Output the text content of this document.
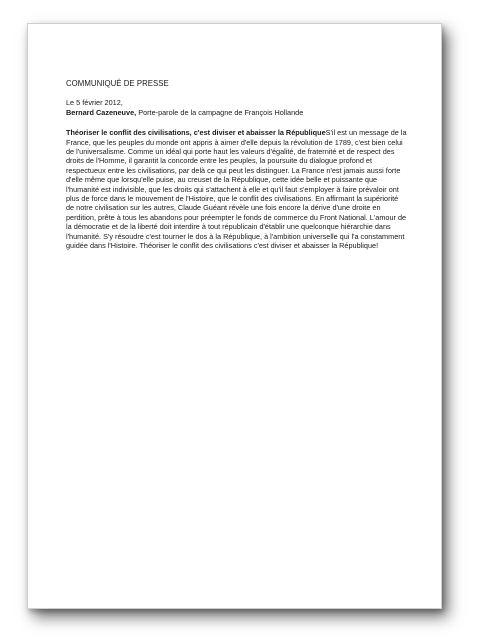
COMMUNIQUÉ DE PRESSE

Le 5 février 2012,

Bernard Cazeneuve, Porte-parole de la campagne de François Hollande

Théoriser le conflit des civilisations, c'est diviser et abaisser la RépubliqueS'il est un message de la France, que les peuples du monde ont appris à aimer d'elle depuis la révolution de 1789, c'est bien celui de l'universalisme. Comme un idéal qui porte haut les valeurs d'égalité, de fraternité et de respect des droits de l'Homme, il garantit la concorde entre les peuples, la poursuite du dialogue profond et respectueux entre les civilisations, par delà ce qui peut les distinguer. La France n'est jamais aussi forte d'elle même que lorsqu'elle puise, au creuset de la République, cette idée belle et puissante que l'humanité est indivisible, que les droits qui s'attachent à elle et qu'il faut s'employer à faire prévaloir ont plus de force dans le mouvement de l'Histoire, que le conflit des civilisations. En affirmant la supériorité de notre civilisation sur les autres, Claude Guéant révèle une fois encore la dérive d'une droite en perdition, prête à tous les abandons pour préempter le fonds de commerce du Front National. L'amour de la démocratie et de la liberté doit interdire à tout républicain d'établir une quelconque hiérarchie dans l'humanité. S'y résoudre c'est tourner le dos à la République, à l'ambition universelle qui l'a constamment guidée dans l'Histoire. Théoriser le conflit des civilisations c'est diviser et abaisser la République!
